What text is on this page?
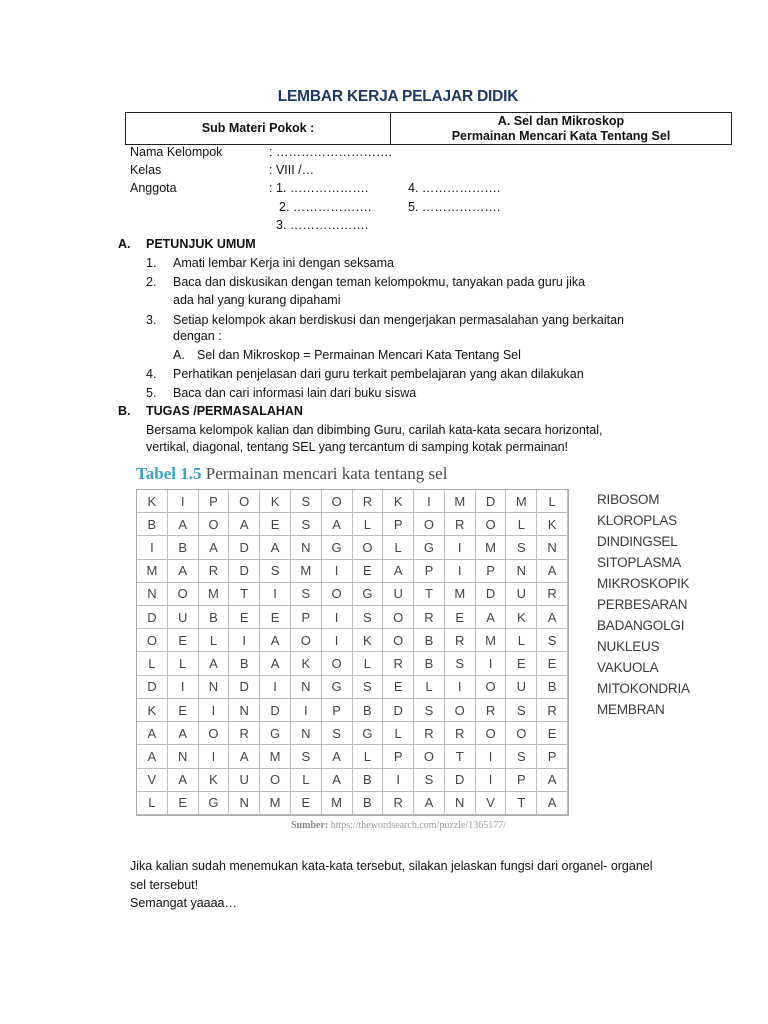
LEMBAR KERJA PELAJAR DIDIK
Sub Materi Pokok :
A. Sel dan Mikroskop
Permainan Mencari Kata Tentang Sel
Nama Kelompok	: ……………………….
Kelas	: VIII /…
Anggota	: 1. ……………….
2. ……………….
3. ……………….
4. ……………….
5. ……………….
A. PETUNJUK UMUM
1. Amati lembar Kerja ini dengan seksama
2. Baca dan diskusikan dengan teman kelompokmu, tanyakan pada guru jika
ada hal yang kurang dipahami
3. Setiap kelompok akan berdiskusi dan mengerjakan permasalahan yang berkaitan
dengan :
A. Sel dan Mikroskop = Permainan Mencari Kata Tentang Sel
4. Perhatikan penjelasan dari guru terkait pembelajaran yang akan dilakukan
5. Baca dan cari informasi lain dari buku siswa
B. TUGAS /PERMASALAHAN
Bersama kelompok kalian dan dibimbing Guru, carilah kata-kata secara horizontal,
vertikal, diagonal, tentang SEL yang tercantum di samping kotak permainan!
Tabel 1.5 Permainan mencari kata tentang sel
K	I	P	O	K	S	O	R	K	I	M	D	M	L
B	A	O	A	E	S	A	L	P	O	R	O	L	K
I	B	A	D	A	N	G	O	L	G	I	M	S	N
M	A	R	D	S	M	I	E	A	P	I	P	N	A
N	O	M	T	I	S	O	G	U	T	M	D	U	R
D	U	B	E	E	P	I	S	O	R	E	A	K	A
O	E	L	I	A	O	I	K	O	B	R	M	L	S
L	L	A	B	A	K	O	L	R	B	S	I	E	E
D	I	N	D	I	N	G	S	E	L	I	O	U	B
K	E	I	N	D	I	P	B	D	S	O	R	S	R
A	A	O	R	G	N	S	G	L	R	R	O	O	E
A	N	I	A	M	S	A	L	P	O	T	I	S	P
V	A	K	U	O	L	A	B	I	S	D	I	P	A
L	E	G	N	M	E	M	B	R	A	N	V	T	A
RIBOSOM
KLOROPLAS
DINDINGSEL
SITOPLASMA
MIKROSKOPIK
PERBESARAN
BADANGOLGI
NUKLEUS
VAKUOLA
MITOKONDRIA
MEMBRAN
Sumber: https://thewordsearch.com/puzzle/1365177/
Jika kalian sudah menemukan kata-kata tersebut, silakan jelaskan fungsi dari organel- organel
sel tersebut!
Semangat yaaaa…
